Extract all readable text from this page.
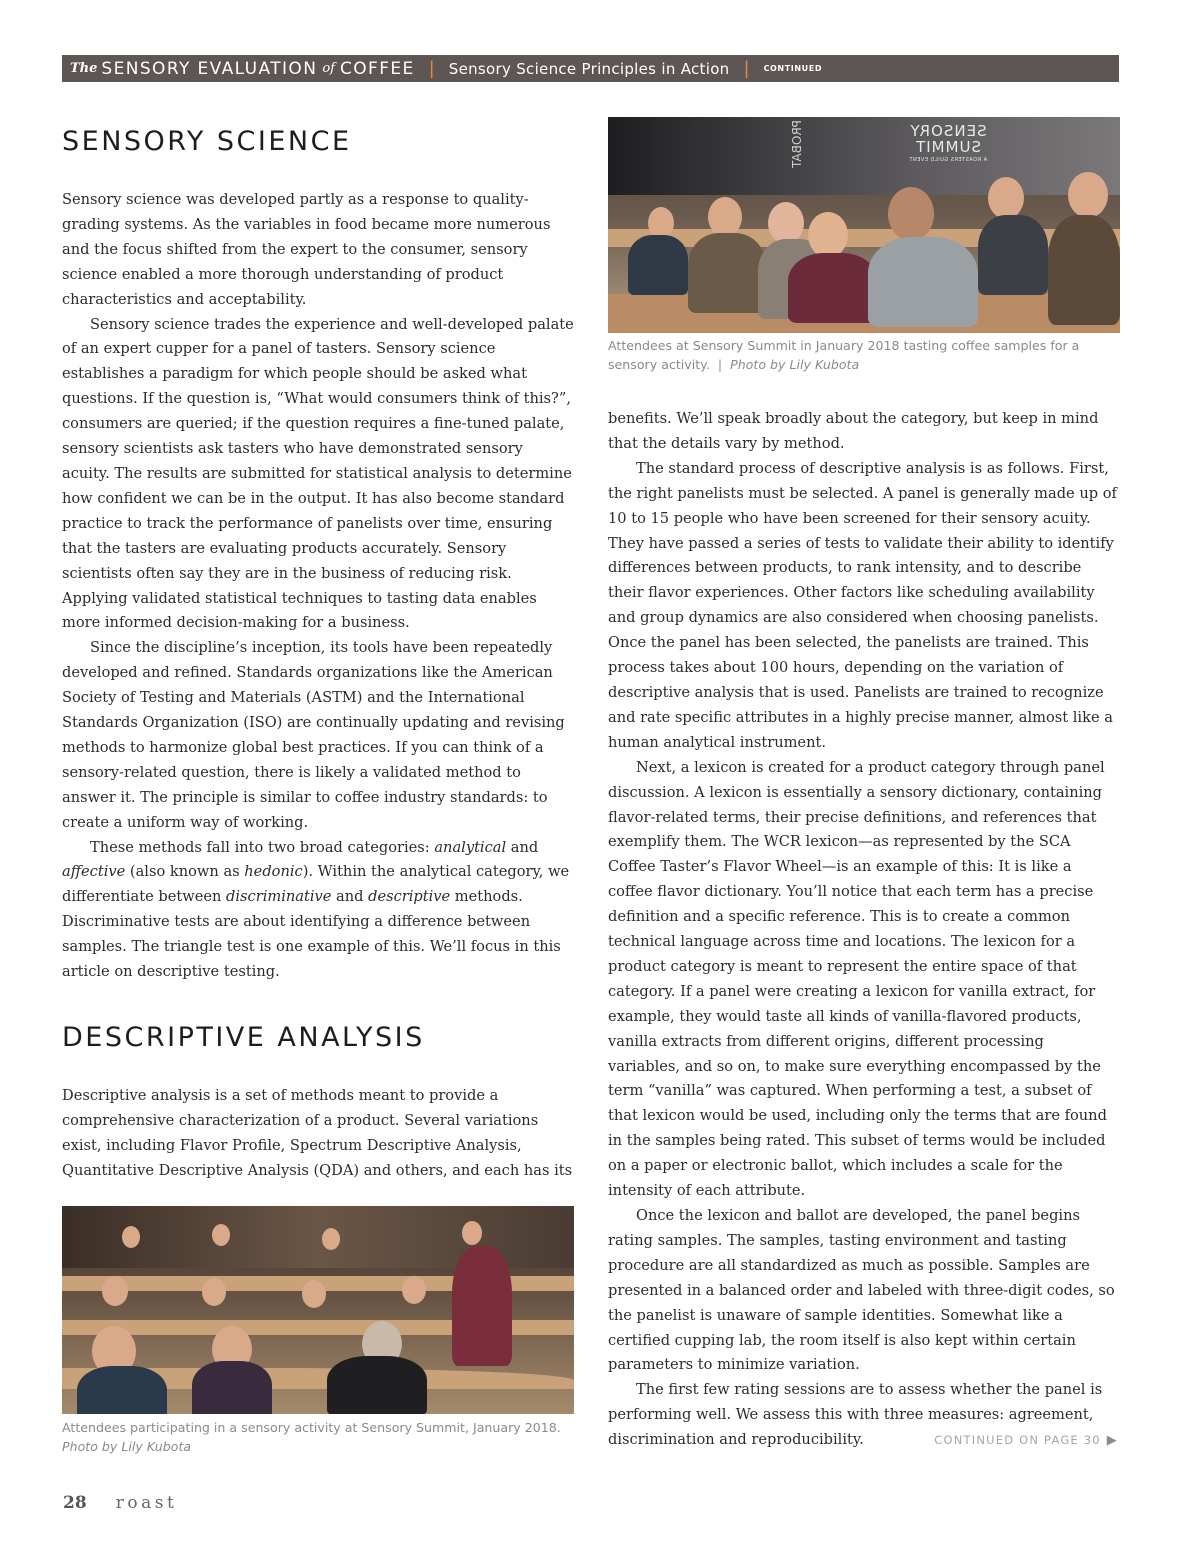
The SENSORY EVALUATION of COFFEE | Sensory Science Principles in Action | CONTINUED
SENSORY SCIENCE

Sensory science was developed partly as a response to quality-grading systems. As the variables in food became more numerous and the focus shifted from the expert to the consumer, sensory science enabled a more thorough understanding of product characteristics and acceptability.

Sensory science trades the experience and well-developed palate of an expert cupper for a panel of tasters. Sensory science establishes a paradigm for which people should be asked what questions. If the question is, “What would consumers think of this?”, consumers are queried; if the question requires a fine-tuned palate, sensory scientists ask tasters who have demonstrated sensory acuity. The results are submitted for statistical analysis to determine how confident we can be in the output. It has also become standard practice to track the performance of panelists over time, ensuring that the tasters are evaluating products accurately. Sensory scientists often say they are in the business of reducing risk. Applying validated statistical techniques to tasting data enables more informed decision-making for a business.

Since the discipline’s inception, its tools have been repeatedly developed and refined. Standards organizations like the American Society of Testing and Materials (ASTM) and the International Standards Organization (ISO) are continually updating and revising methods to harmonize global best practices. If you can think of a sensory-related question, there is likely a validated method to answer it. The principle is similar to coffee industry standards: to create a uniform way of working.

These methods fall into two broad categories: analytical and affective (also known as hedonic). Within the analytical category, we differentiate between discriminative and descriptive methods. Discriminative tests are about identifying a difference between samples. The triangle test is one example of this. We’ll focus in this article on descriptive testing.

DESCRIPTIVE ANALYSIS

Descriptive analysis is a set of methods meant to provide a comprehensive characterization of a product. Several variations exist, including Flavor Profile, Spectrum Descriptive Analysis, Quantitative Descriptive Analysis (QDA) and others, and each has its

Attendees participating in a sensory activity at Sensory Summit, January 2018.
Photo by Lily Kubota

SENSORY SUMMIT
A ROASTERS GUILD EVENT
PROBAT

Attendees at Sensory Summit in January 2018 tasting coffee samples for a sensory activity. | Photo by Lily Kubota

benefits. We’ll speak broadly about the category, but keep in mind that the details vary by method.

The standard process of descriptive analysis is as follows. First, the right panelists must be selected. A panel is generally made up of 10 to 15 people who have been screened for their sensory acuity. They have passed a series of tests to validate their ability to identify differences between products, to rank intensity, and to describe their flavor experiences. Other factors like scheduling availability and group dynamics are also considered when choosing panelists. Once the panel has been selected, the panelists are trained. This process takes about 100 hours, depending on the variation of descriptive analysis that is used. Panelists are trained to recognize and rate specific attributes in a highly precise manner, almost like a human analytical instrument.

Next, a lexicon is created for a product category through panel discussion. A lexicon is essentially a sensory dictionary, containing flavor-related terms, their precise definitions, and references that exemplify them. The WCR lexicon—as represented by the SCA Coffee Taster’s Flavor Wheel—is an example of this: It is like a coffee flavor dictionary. You’ll notice that each term has a precise definition and a specific reference. This is to create a common technical language across time and locations. The lexicon for a product category is meant to represent the entire space of that category. If a panel were creating a lexicon for vanilla extract, for example, they would taste all kinds of vanilla-flavored products, vanilla extracts from different origins, different processing variables, and so on, to make sure everything encompassed by the term “vanilla” was captured. When performing a test, a subset of that lexicon would be used, including only the terms that are found in the samples being rated. This subset of terms would be included on a paper or electronic ballot, which includes a scale for the intensity of each attribute.

Once the lexicon and ballot are developed, the panel begins rating samples. The samples, tasting environment and tasting procedure are all standardized as much as possible. Samples are presented in a balanced order and labeled with three-digit codes, so the panelist is unaware of sample identities. Somewhat like a certified cupping lab, the room itself is also kept within certain parameters to minimize variation.

The first few rating sessions are to assess whether the panel is performing well. We assess this with three measures: agreement, discrimination and reproducibility.	CONTINUED ON PAGE 30 ▶
28 roast
